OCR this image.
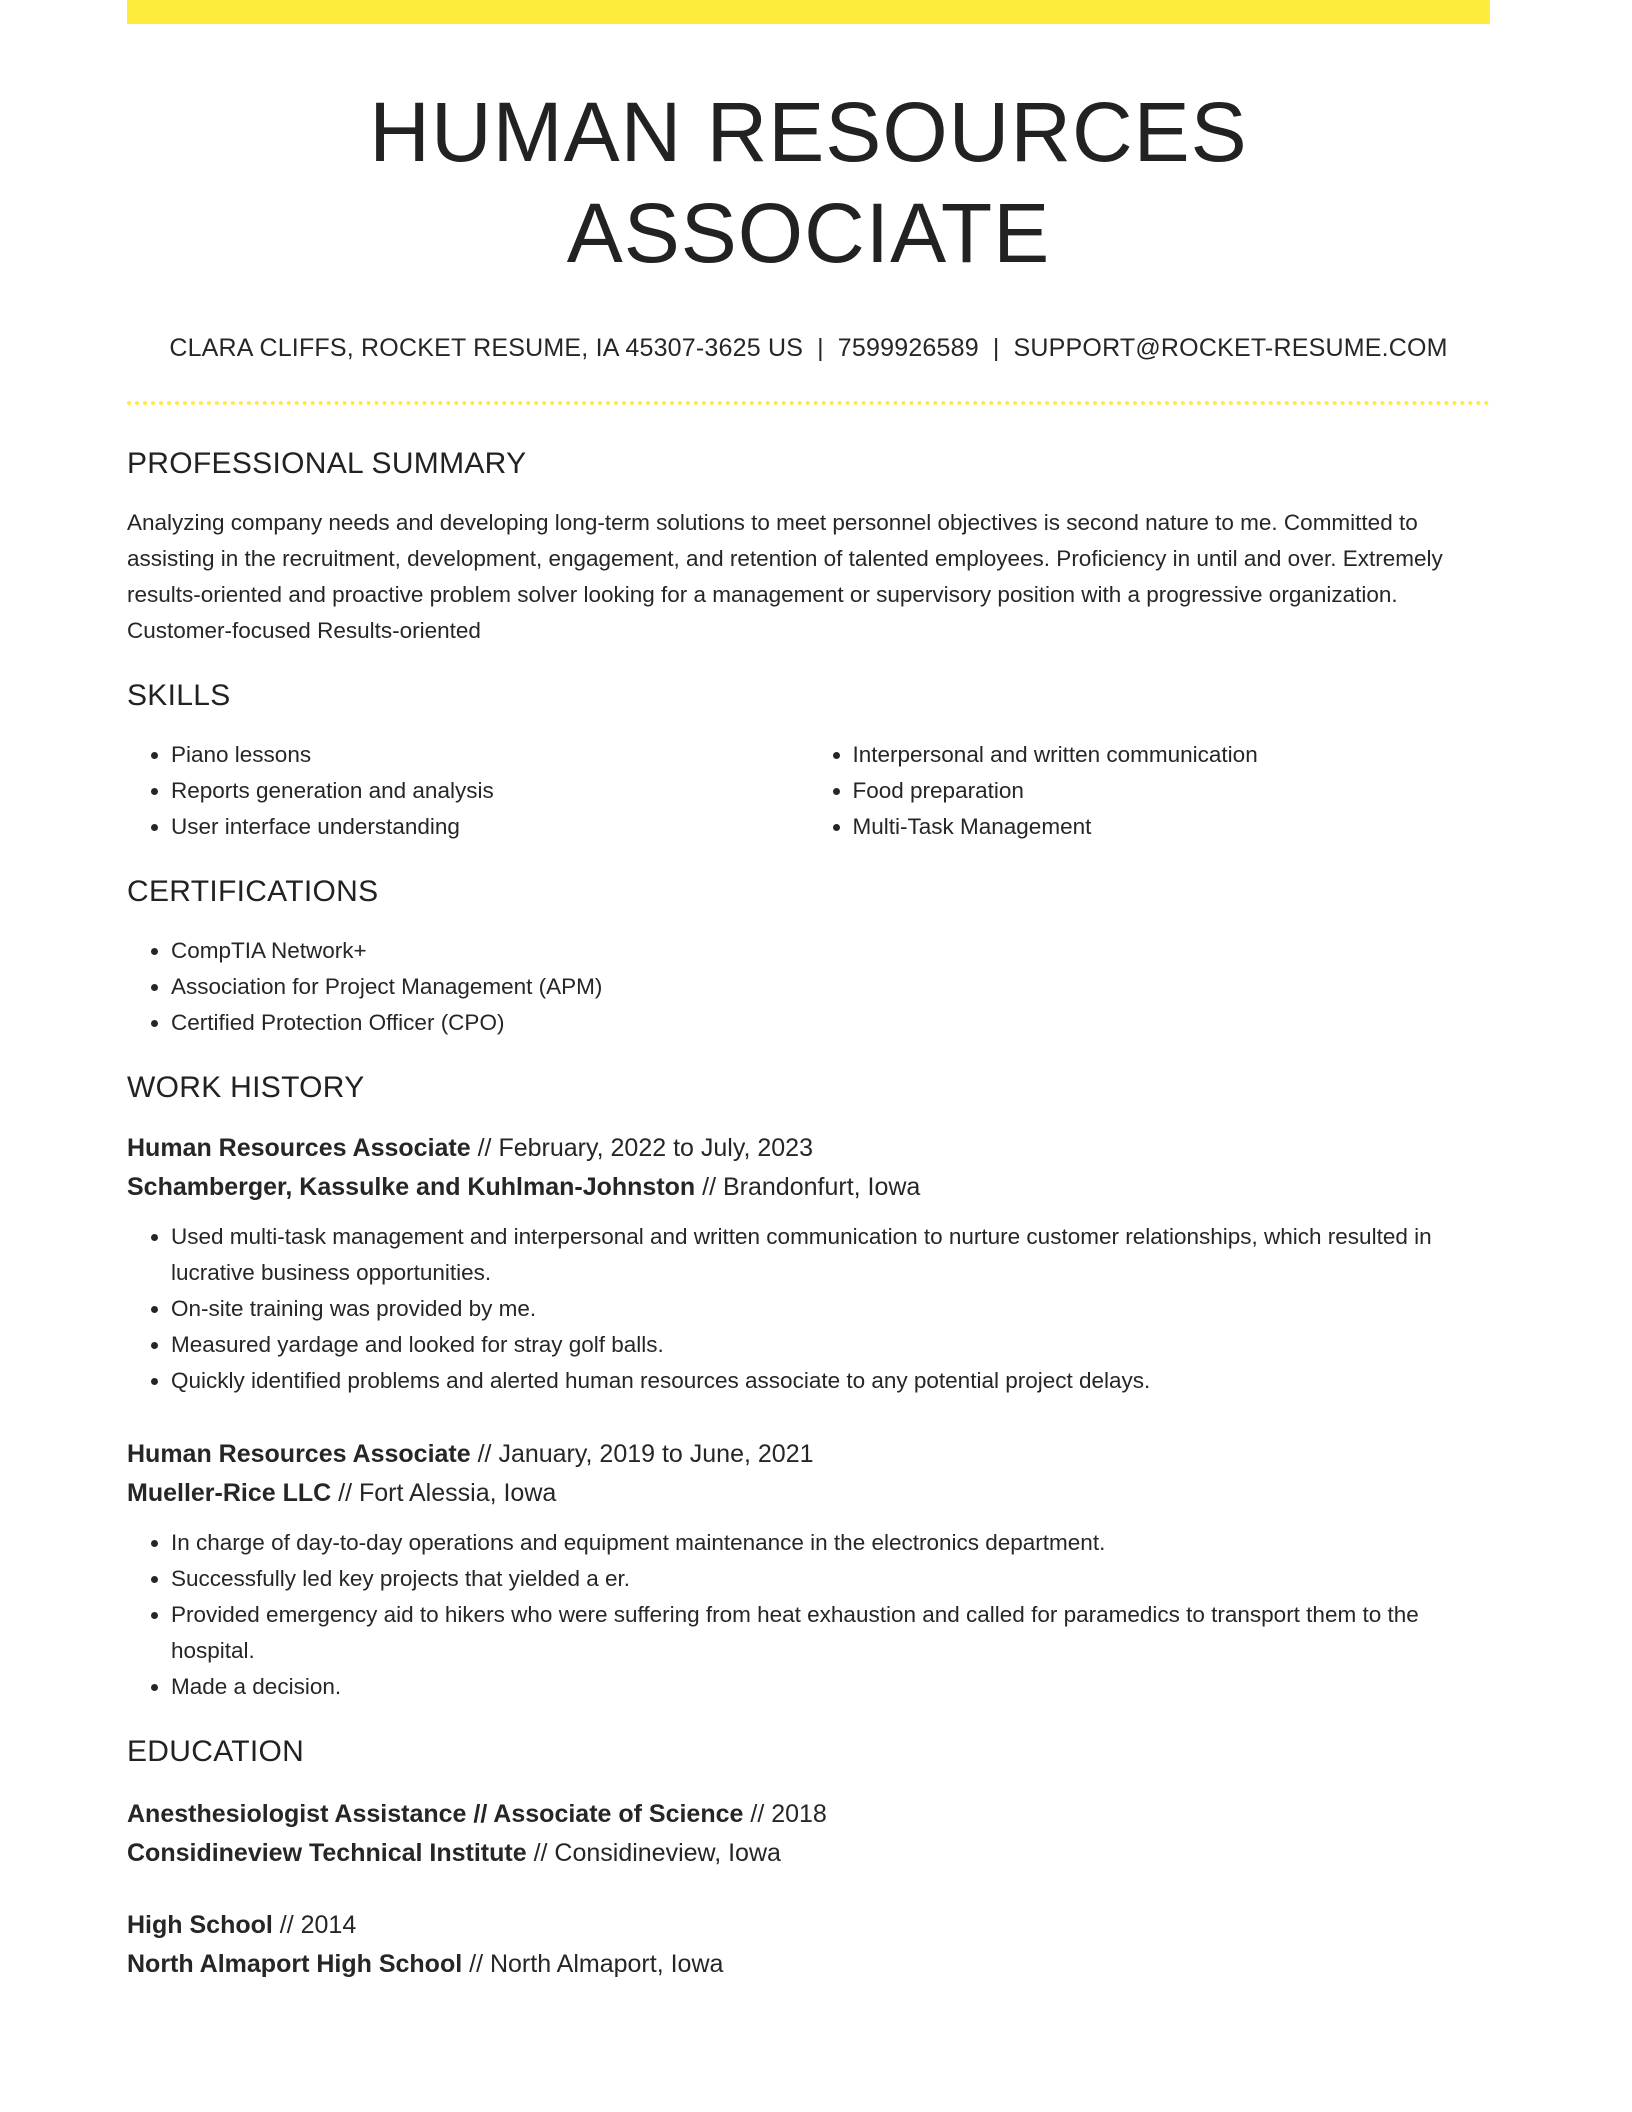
HUMAN RESOURCES ASSOCIATE
CLARA CLIFFS, ROCKET RESUME, IA 45307-3625 US | 7599926589 | SUPPORT@ROCKET-RESUME.COM
PROFESSIONAL SUMMARY
Analyzing company needs and developing long-term solutions to meet personnel objectives is second nature to me. Committed to assisting in the recruitment, development, engagement, and retention of talented employees. Proficiency in until and over. Extremely results-oriented and proactive problem solver looking for a management or supervisory position with a progressive organization. Customer-focused Results-oriented
SKILLS
• Piano lessons
• Reports generation and analysis
• User interface understanding
• Interpersonal and written communication
• Food preparation
• Multi-Task Management
CERTIFICATIONS
• CompTIA Network+
• Association for Project Management (APM)
• Certified Protection Officer (CPO)
WORK HISTORY
Human Resources Associate // February, 2022 to July, 2023
Schamberger, Kassulke and Kuhlman-Johnston // Brandonfurt, Iowa
• Used multi-task management and interpersonal and written communication to nurture customer relationships, which resulted in lucrative business opportunities.
• On-site training was provided by me.
• Measured yardage and looked for stray golf balls.
• Quickly identified problems and alerted human resources associate to any potential project delays.
Human Resources Associate // January, 2019 to June, 2021
Mueller-Rice LLC // Fort Alessia, Iowa
• In charge of day-to-day operations and equipment maintenance in the electronics department.
• Successfully led key projects that yielded a er.
• Provided emergency aid to hikers who were suffering from heat exhaustion and called for paramedics to transport them to the hospital.
• Made a decision.
EDUCATION
Anesthesiologist Assistance // Associate of Science // 2018
Considineview Technical Institute // Considineview, Iowa
High School // 2014
North Almaport High School // North Almaport, Iowa
